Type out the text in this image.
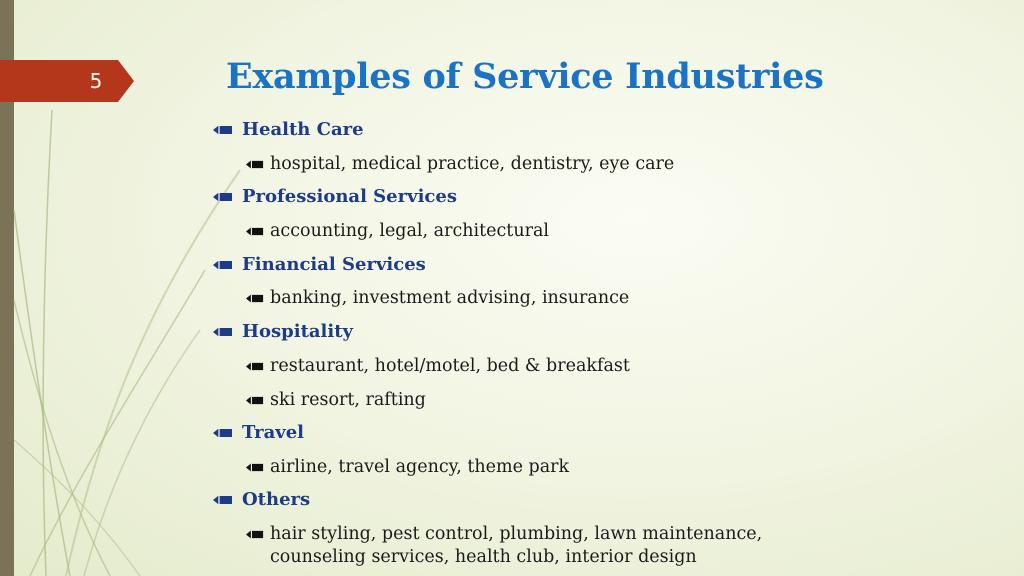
5	Examples of Service Industries
Health Care
hospital, medical practice, dentistry, eye care
Professional Services
accounting, legal, architectural
Financial Services
banking, investment advising, insurance
Hospitality
restaurant, hotel/motel, bed & breakfast
ski resort, rafting
Travel
airline, travel agency, theme park
Others
hair styling, pest control, plumbing, lawn maintenance, counseling services, health club, interior design
